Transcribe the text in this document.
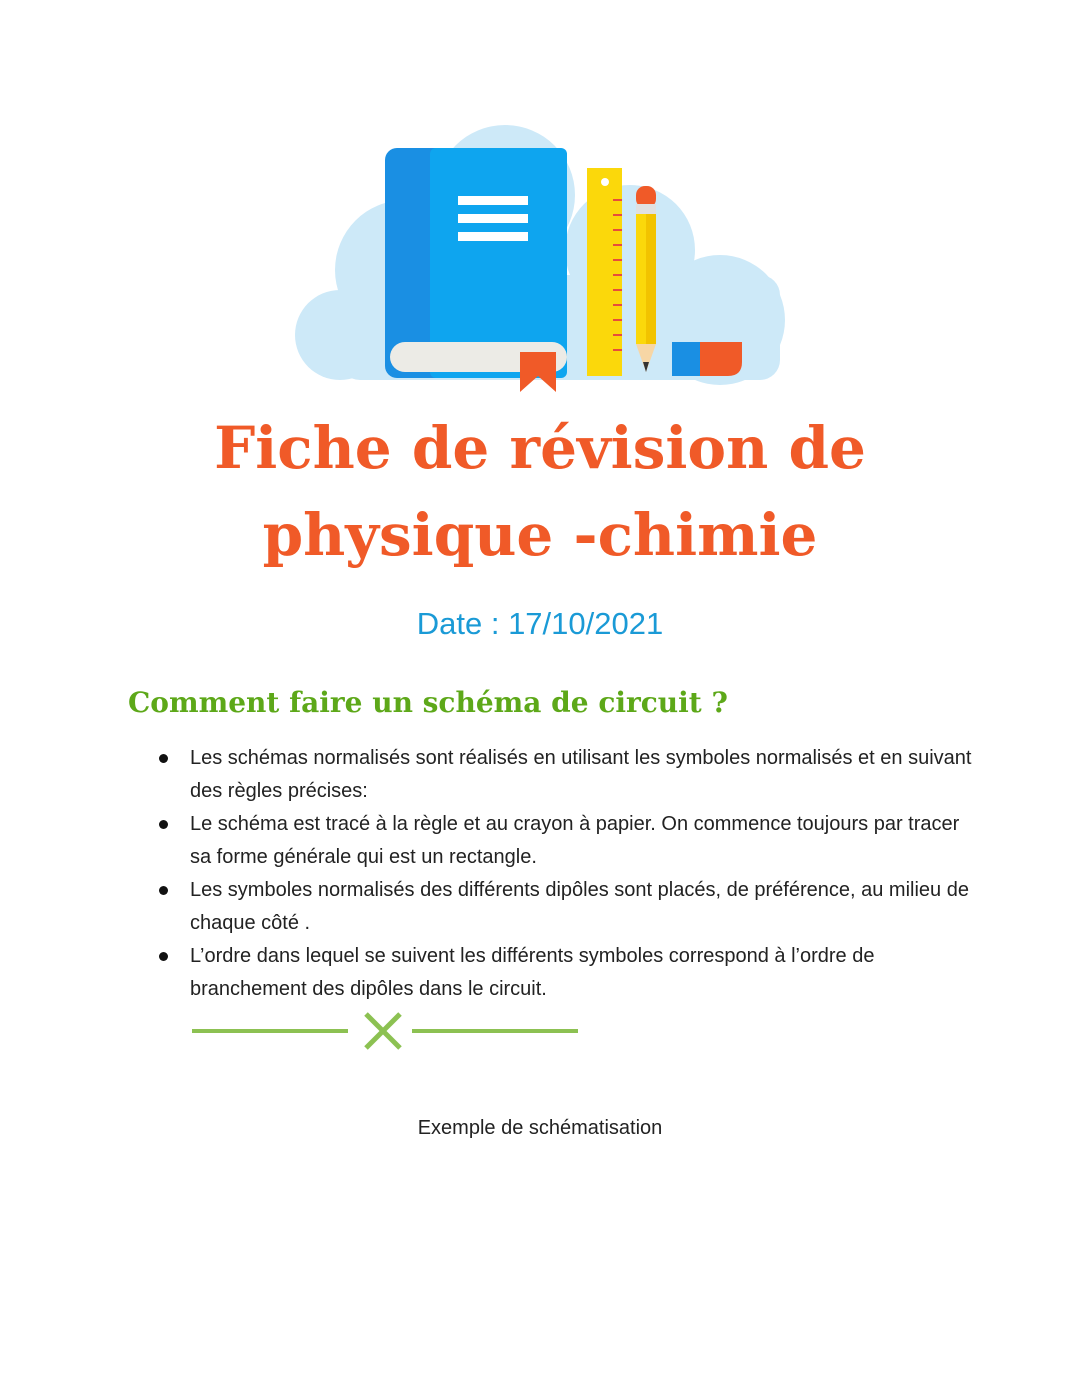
Fiche de révision de
physique -chimie

Date : 17/10/2021

Comment faire un schéma de circuit ?
Les schémas normalisés sont réalisés en utilisant les symboles normalisés et en suivant des règles précises:
Le schéma est tracé à la règle et au crayon à papier. On commence toujours par tracer sa forme générale qui est un rectangle.
Les symboles normalisés des différents dipôles sont placés, de préférence, au milieu de chaque côté .
L’ordre dans lequel se suivent les différents symboles correspond à l’ordre de branchement des dipôles dans le circuit.

Exemple de schématisation
